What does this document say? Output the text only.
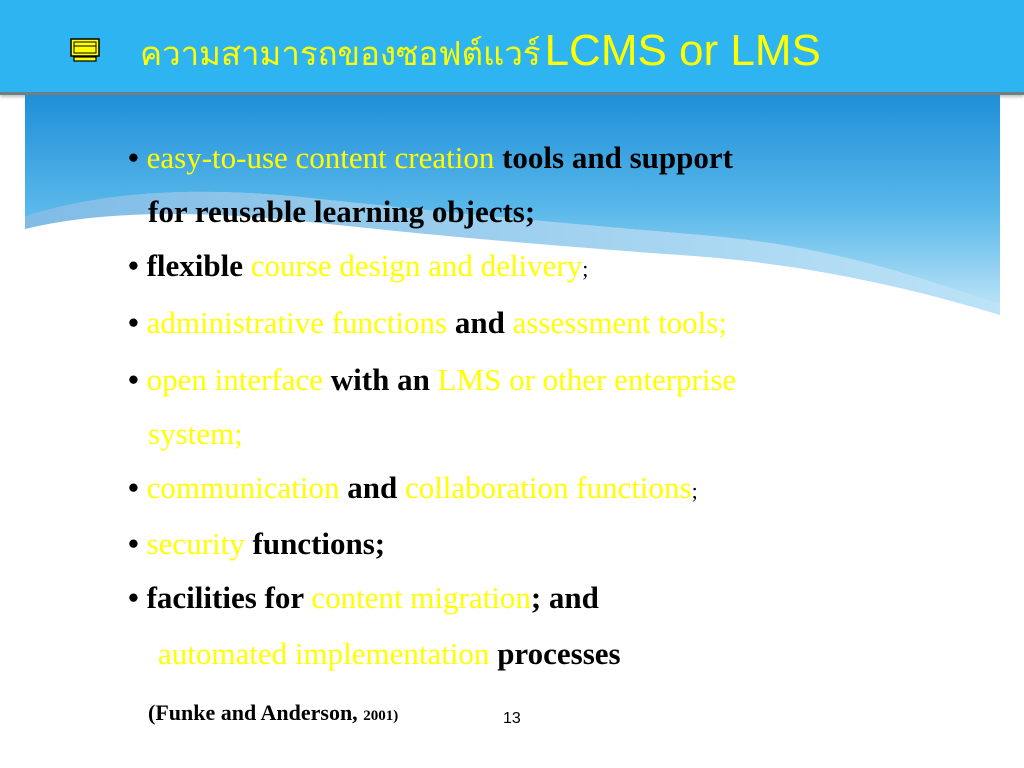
ความสามารถของซอฟต์แวร์ LCMS or LMS
• easy-to-use content creation tools and support
for reusable learning objects;
• flexible course design and delivery;
• administrative functions and assessment tools;
• open interface with an LMS or other enterprise
system;
• communication and collaboration functions;
• security functions;
• facilities for content migration; and
automated implementation processes
(Funke and Anderson, 2001)	13
